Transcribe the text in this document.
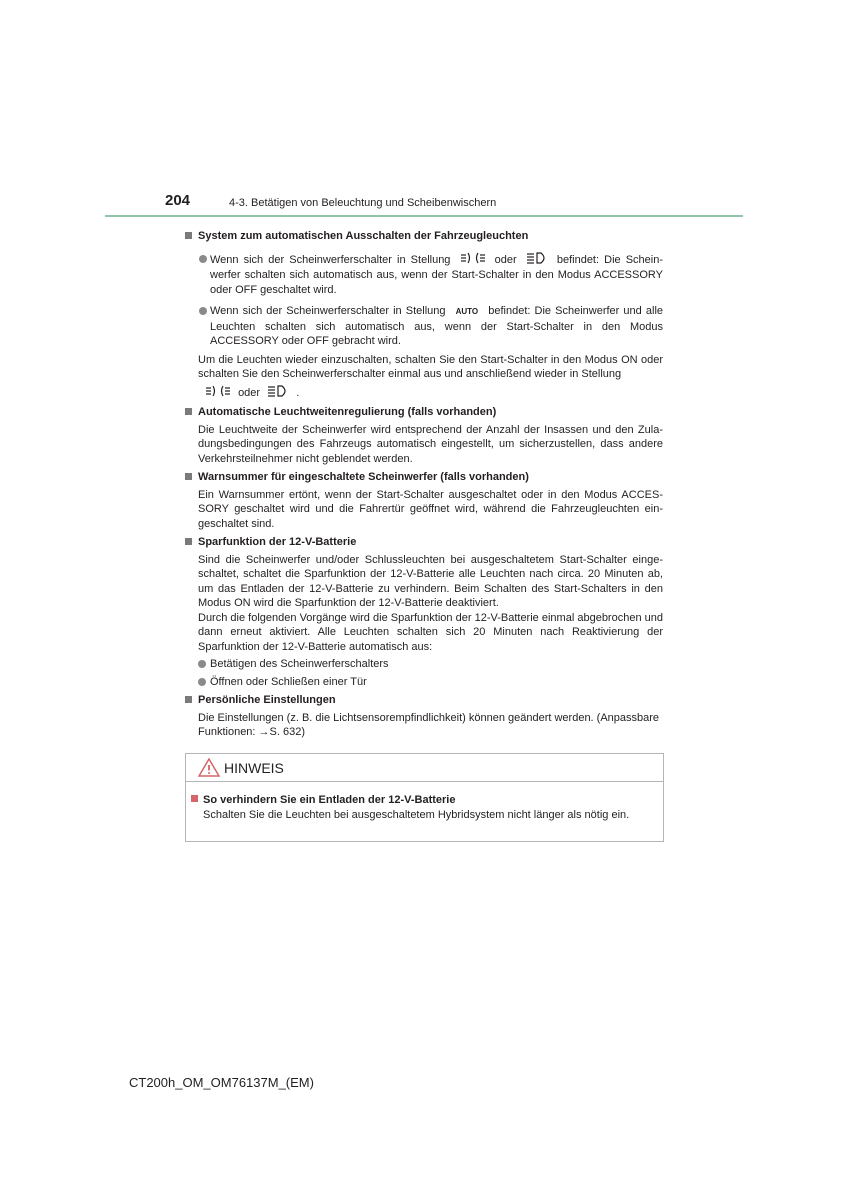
204	4-3. Betätigen von Beleuchtung und Scheibenwischern
System zum automatischen Ausschalten der Fahrzeugleuchten
Wenn sich der Scheinwerferschalter in Stellung	oder	befindet: Die Schein-werfer schalten sich automatisch aus, wenn der Start-Schalter in den Modus ACCESSORY oder OFF geschaltet wird.
Wenn sich der Scheinwerferschalter in Stellung AUTO befindet: Die Scheinwerfer und alle Leuchten schalten sich automatisch aus, wenn der Start-Schalter in den Modus ACCESSORY oder OFF gebracht wird.
Um die Leuchten wieder einzuschalten, schalten Sie den Start-Schalter in den Modus ON oder schalten Sie den Scheinwerferschalter einmal aus und anschließend wieder in Stellung
oder	.
Automatische Leuchtweitenregulierung (falls vorhanden)
Die Leuchtweite der Scheinwerfer wird entsprechend der Anzahl der Insassen und den Zula-dungsbedingungen des Fahrzeugs automatisch eingestellt, um sicherzustellen, dass andere Verkehrsteilnehmer nicht geblendet werden.
Warnsummer für eingeschaltete Scheinwerfer (falls vorhanden)
Ein Warnsummer ertönt, wenn der Start-Schalter ausgeschaltet oder in den Modus ACCES-SORY geschaltet wird und die Fahrertür geöffnet wird, während die Fahrzeugleuchten ein-geschaltet sind.
Sparfunktion der 12-V-Batterie
Sind die Scheinwerfer und/oder Schlussleuchten bei ausgeschaltetem Start-Schalter einge-schaltet, schaltet die Sparfunktion der 12-V-Batterie alle Leuchten nach circa. 20 Minuten ab, um das Entladen der 12-V-Batterie zu verhindern. Beim Schalten des Start-Schalters in den Modus ON wird die Sparfunktion der 12-V-Batterie deaktiviert.
Durch die folgenden Vorgänge wird die Sparfunktion der 12-V-Batterie einmal abgebrochen und dann erneut aktiviert. Alle Leuchten schalten sich 20 Minuten nach Reaktivierung der Sparfunktion der 12-V-Batterie automatisch aus:
Betätigen des Scheinwerferschalters
Öffnen oder Schließen einer Tür
Persönliche Einstellungen
Die Einstellungen (z. B. die Lichtsensorempfindlichkeit) können geändert werden. (Anpassbare Funktionen: →S. 632)
HINWEIS
So verhindern Sie ein Entladen der 12-V-Batterie
Schalten Sie die Leuchten bei ausgeschaltetem Hybridsystem nicht länger als nötig ein.
CT200h_OM_OM76137M_(EM)
